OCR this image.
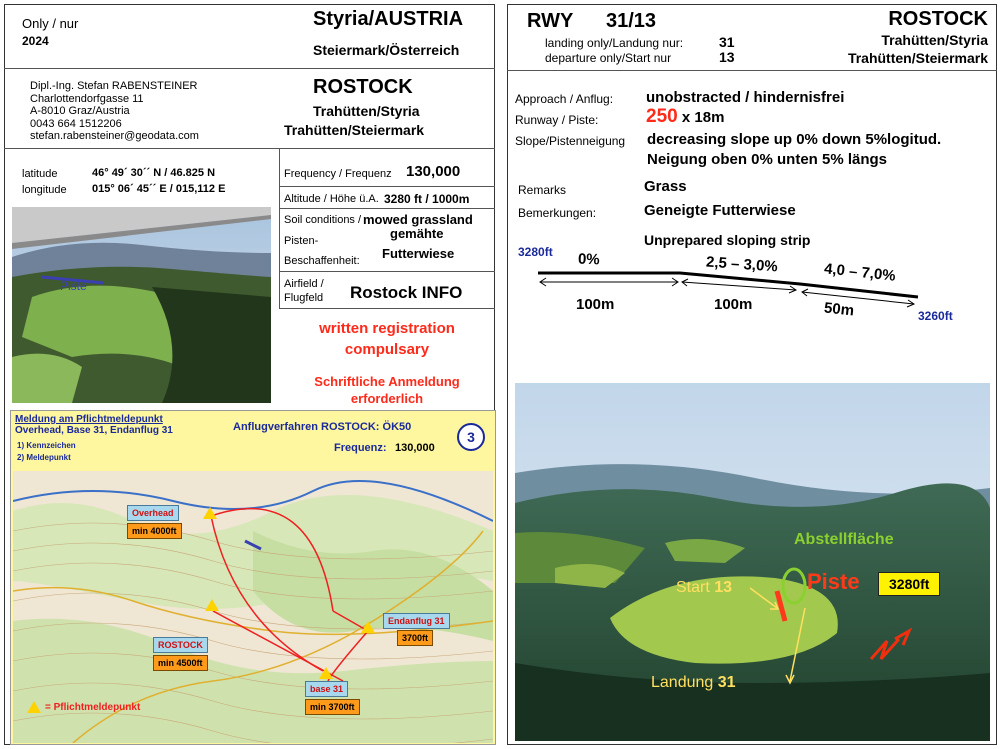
Only / nur
2024
Styria/AUSTRIA
Steiermark/Österreich
Dipl.-Ing. Stefan RABENSTEINER
Charlottendorfgasse 11
A-8010 Graz/Austria
0043 664 1512206
stefan.rabensteiner@geodata.com
ROSTOCK
Trahütten/Styria
Trahütten/Steiermark
latitude	46° 49´ 30´´ N / 46.825 N
longitude 015° 06´ 45´´ E / 015,112 E
Frequency / Frequenz 130,000
Altitude / Höhe ü.A. 3280 ft / 1000m
Soil conditions /
Pisten-
Beschaffenheit:
mowed grassland
gemähte
Futterwiese
Airfield /
Flugfeld Rostock INFO
written registration
compulsary
Schriftliche Anmeldung
erforderlich
Piste
Meldung am Pflichtmeldepunkt
Overhead, Base 31, Endanflug 31
1) Kennzeichen
2) Meldepunkt
Anflugverfahren ROSTOCK: ÖK50
Frequenz: 130,000
3
Overhead
min 4000ft
ROSTOCK
min 4500ft
Endanflug 31
3700ft
base 31
min 3700ft
= Pflichtmeldepunkt
RWY 31/13
landing only/Landung nur:	31
departure only/Start nur	13
ROSTOCK
Trahütten/Styria
Trahütten/Steiermark
Approach / Anflug: unobstracted / hindernisfrei
Runway / Piste:	250 x 18m
Slope/Pistenneigung decreasing slope up 0% down 5%logitud.
Neigung oben 0% unten 5% längs
Remarks	Grass
Bemerkungen:	Geneigte Futterwiese
Unprepared sloping strip
3280ft
3260ft
0%	2,5 – 3,0%	4,0 – 7,0%
100m	100m	50m
Abstellfläche
Piste	3280ft
Start 13
Landung 31
